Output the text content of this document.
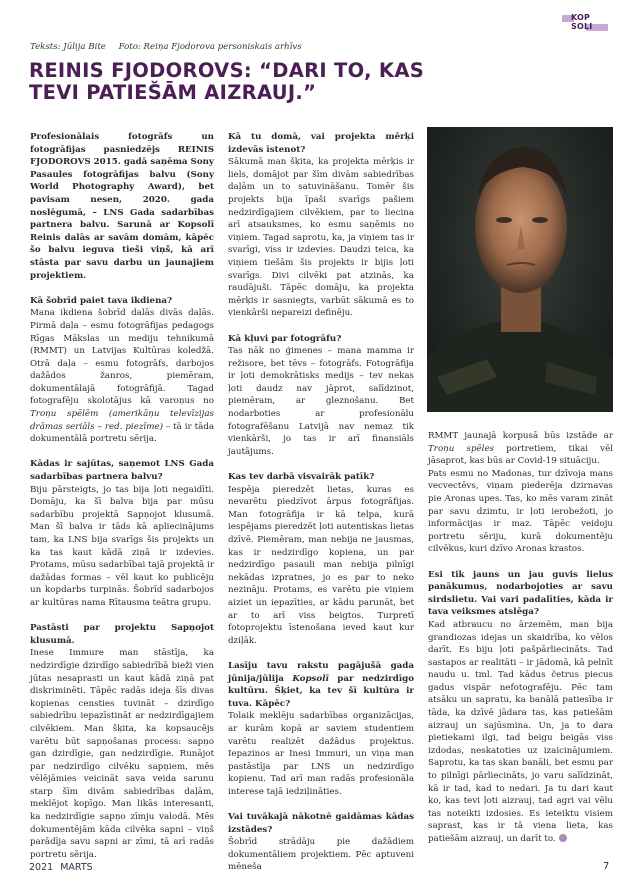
KOP
SOLI
Teksts: Jūlija Bite Foto: Reiņa Fjodorova personiskais arhīvs
REINIS FJODOROVS: “DARI TO, KAS TEVI PATIEŠĀM AIZRAUJ.”

Profesionālais fotogrāfs un fotogrāfijas pasniedzējs REINIS FJODOROVS 2015. gadā saņēma Sony Pasaules fotogrāfijas balvu (Sony World Photography Award), bet pavisam nesen, 2020. gada noslēgumā, – LNS Gada sadarbības partnera balvu. Sarunā ar Kopsolī Reinis dalās ar savām domām, kāpēc šo balvu ieguva tieši viņš, kā arī stāsta par savu darbu un jaunajiem projektiem.

Kā šobrīd paiet tava ikdiena?

Mana ikdiena šobrīd dalās divās daļās. Pirmā daļa – esmu fotogrāfijas pedagogs Rīgas Mākslas un mediju tehnikumā (RMMT) un Latvijas Kultūras koledžā. Otrā daļa – esmu fotogrāfs, darbojos dažādos žanros, piemēram, dokumentālajā fotogrāfijā. Tagad fotografēju skolotājus kā varoņus no Troņu spēlēm (amerikāņu televīzijas drāmas seriāls – red. piezīme) – tā ir tāda dokumentālā portretu sērija.

Kādas ir sajūtas, saņemot LNS Gada sadarbības partnera balvu?

Biju pārsteigts, jo tas bija ļoti negaidīti. Domāju, ka šī balva bija par mūsu sadarbību projektā Sapņojot klusumā. Man šī balva ir tāds kā apliecinājums tam, ka LNS bija svarīgs šis projekts un ka tas kaut kādā ziņā ir izdevies. Protams, mūsu sadarbībai tajā projektā ir dažādas formas – vēl kaut ko publicēju un kopdarbs turpinās. Šobrīd sadarbojos ar kultūras nama Rītausma teātra grupu.

Pastāsti par projektu Sapņojot klusumā.

Inese Immure man stāstīja, ka nedzirdīgie dzirdīgo sabiedrībā bieži vien jūtas nesaprasti un kaut kādā ziņā pat diskriminēti. Tāpēc radās ideja šīs divas kopienas censties tuvināt – dzirdīgo sabiedrību iepazīstināt ar nedzirdīgajiem cilvēkiem. Man šķita, ka kopsaucējs varētu būt sapņošanas process: sapņo gan dzirdīgie, gan nedzirdīgie. Runājot par nedzirdīgo cilvēku sapņiem, mēs vēlējāmies veicināt sava veida sarunu starp šīm divām sabiedrības daļām, meklējot kopīgo. Man likās interesanti, ka nedzirdīgie sapņo zīmju valodā. Mēs dokumentējām kāda cilvēka sapni – viņš parādīja savu sapni ar zīmi, tā arī radās portretu sērija.

Kā tu domā, vai projekta mērķi izdevās īstenot?

Sākumā man šķita, ka projekta mērķis ir liels, domājot par šīm divām sabiedrības daļām un to satuvināšanu. Tomēr šis projekts bija īpaši svarīgs pašiem nedzirdīgajiem cilvēkiem, par to liecina arī atsauksmes, ko esmu saņēmis no viņiem. Tagad saprotu, ka, ja viņiem tas ir svarīgi, viss ir izdevies. Daudzi teica, ka viņiem tiešām šis projekts ir bijis ļoti svarīgs. Divi cilvēki pat atzinās, ka raudājuši. Tāpēc domāju, ka projekta mērķis ir sasniegts, varbūt sākumā es to vienkārši nepareizi definēju.

Kā kļuvi par fotogrāfu?

Tas nāk no ģimenes – mana mamma ir režisore, bet tēvs – fotogrāfs. Fotogrāfija ir ļoti demokrātisks medijs – tev nekas ļoti daudz nav jāprot, salīdzinot, piemēram, ar gleznošanu. Bet nodarboties ar profesionālu fotografēšanu Latvijā nav nemaz tik vienkārši, jo tas ir arī finansiāls jautājums.

Kas tev darbā visvairāk patīk?

Iespēja pieredzēt lietas, kuras es nevarētu piedzīvot ārpus fotogrāfijas. Man fotogrāfija ir kā telpa, kurā iespējams pieredzēt ļoti autentiskas lietas dzīvē. Piemēram, man nebija ne jausmas, kas ir nedzirdīgo kopiena, un par nedzirdīgo pasauli man nebija pilnīgi nekādas izpratnes, jo es par to neko nezināju. Protams, es varētu pie viņiem aiziet un iepazīties, ar kādu parunāt, bet ar to arī viss beigtos. Turpretī fotoprojektu īstenošana ieved kaut kur dziļāk.

Lasīju tavu rakstu pagājušā gada jūnija/jūlija Kopsolī par nedzirdīgo kultūru. Šķiet, ka tev šī kultūra ir tuva. Kāpēc?

Tolaik meklēju sadarbības organizācijas, ar kurām kopā ar saviem studentiem varētu realizēt dažādus projektus. Iepazinos ar Inesi Immuri, un viņa man pastāstīja par LNS un nedzirdīgo kopienu. Tad arī man radās profesionāla interese tajā iedziļināties.

Vai tuvākajā nākotnē gaidāmas kādas izstādes?

Šobrīd strādāju pie dažādiem dokumentāliem projektiem. Pēc aptuveni mēneša

RMMT jaunajā korpusā būs izstāde ar Troņu spēles portretiem, tikai vēl jāsaprot, kas būs ar Covid-19 situāciju.

Pats esmu no Madonas, tur dzīvoja mans vecvectēvs, viņam piederēja dzirnavas pie Aronas upes. Tas, ko mēs varam zināt par savu dzimtu, ir ļoti ierobežoti, jo informācijas ir maz. Tāpēc veidoju portretu sēriju, kurā dokumentēju cilvēkus, kuri dzīvo Aronas krastos.

Esi tik jauns un jau guvis lielus panākumus, nodarbojoties ar savu sirdslietu. Vai vari padalīties, kāda ir tava veiksmes atslēga?

Kad atbraucu no ārzemēm, man bija grandiozas idejas un skaidrība, ko vēlos darīt. Es biju ļoti pašpārliecināts. Tad sastapos ar realitāti – ir jādomā, kā pelnīt naudu u. tml. Tad kādus četrus piecus gadus vispār nefotografēju. Pēc tam atsāku un sapratu, ka banālā patiesība ir tāda, ka dzīvē jādara tas, kas patiešām aizrauj un sajūsmina. Un, ja to dara pietiekami ilgi, tad beigu beigās viss izdodas, neskatoties uz izaicinājumiem. Saprotu, ka tas skan banāli, bet esmu par to pilnīgi pārliecināts, jo varu salīdzināt, kā ir tad, kad to nedari. Ja tu dari kaut ko, kas tevi ļoti aizrauj, tad agri vai vēlu tas noteikti izdosies. Es ieteiktu visiem saprast, kas ir tā viena lieta, kas patiešām aizrauj, un darīt to.

2021 MARTS	7
